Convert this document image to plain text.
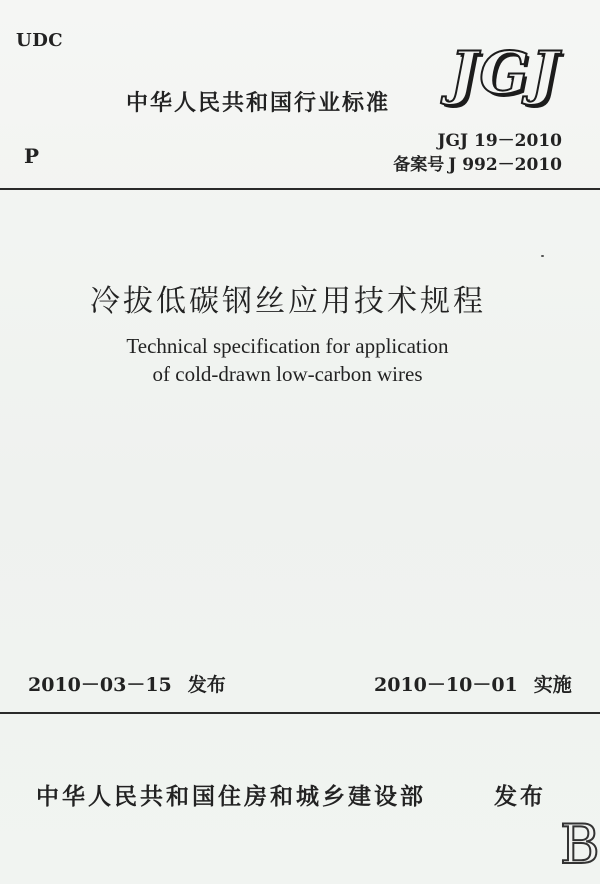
UDC
中华人民共和国行业标准 JGJ
JGJ 19－2010
P	备案号 J 992－2010
冷拔低碳钢丝应用技术规程
Technical specification for application
of cold-drawn low-carbon wires
2010－03－15 发布	2010－10－01 实施
中华人民共和国住房和城乡建设部	发布
B
